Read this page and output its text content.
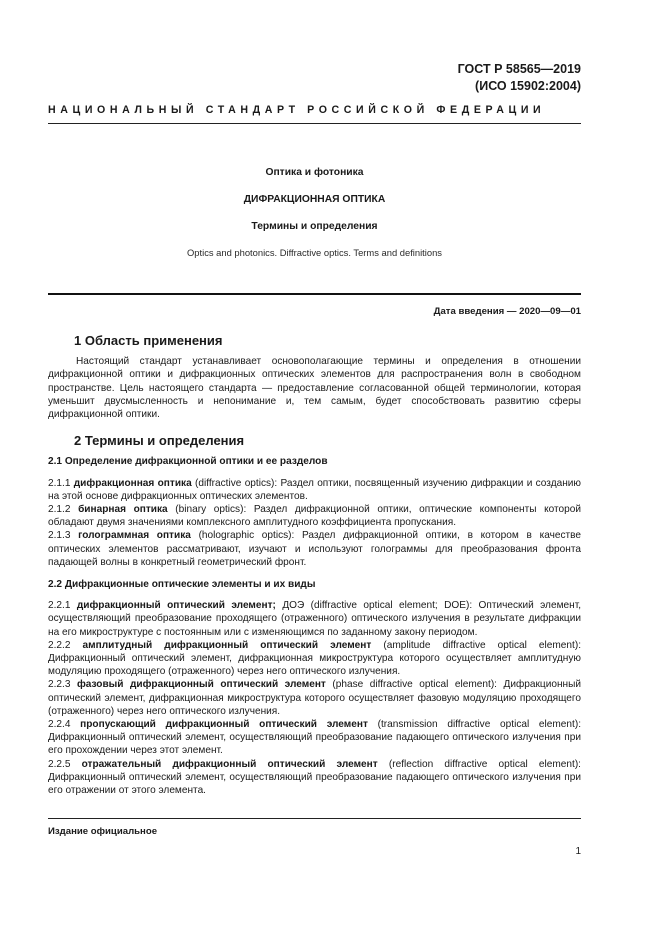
ГОСТ Р 58565—2019
(ИСО 15902:2004)
НАЦИОНАЛЬНЫЙ СТАНДАРТ РОССИЙСКОЙ ФЕДЕРАЦИИ
Оптика и фотоника
ДИФРАКЦИОННАЯ ОПТИКА
Термины и определения
Optics and photonics. Diffractive optics. Terms and definitions
Дата введения — 2020—09—01
1 Область применения

Настоящий стандарт устанавливает основополагающие термины и определения в отношении дифракционной оптики и дифракционных оптических элементов для распространения волн в свободном пространстве. Цель настоящего стандарта — предоставление согласованной общей терминологии, которая уменьшит двусмысленность и непонимание и, тем самым, будет способствовать развитию сферы дифракционной оптики.

2 Термины и определения
2.1 Определение дифракционной оптики и ее разделов

2.1.1 дифракционная оптика (diffractive optics): Раздел оптики, посвященный изучению дифракции и созданию на этой основе дифракционных оптических элементов.

2.1.2 бинарная оптика (binary optics): Раздел дифракционной оптики, оптические компоненты которой обладают двумя значениями комплексного амплитудного коэффициента пропускания.

2.1.3 голограммная оптика (holographic optics): Раздел дифракционной оптики, в котором в качестве оптических элементов рассматривают, изучают и используют голограммы для преобразования фронта падающей волны в конкретный геометрический фронт.

2.2 Дифракционные оптические элементы и их виды

2.2.1 дифракционный оптический элемент; ДОЭ (diffractive optical element; DOE): Оптический элемент, осуществляющий преобразование проходящего (отраженного) оптического излучения в результате дифракции на его микроструктуре с постоянным или с изменяющимся по заданному закону периодом.

2.2.2 амплитудный дифракционный оптический элемент (amplitude diffractive optical element): Дифракционный оптический элемент, дифракционная микроструктура которого осуществляет амплитудную модуляцию проходящего (отраженного) через него оптического излучения.

2.2.3 фазовый дифракционный оптический элемент (phase diffractive optical element): Дифракционный оптический элемент, дифракционная микроструктура которого осуществляет фазовую модуляцию проходящего (отраженного) через него оптического излучения.

2.2.4 пропускающий дифракционный оптический элемент (transmission diffractive optical element): Дифракционный оптический элемент, осуществляющий преобразование падающего оптического излучения при его прохождении через этот элемент.

2.2.5 отражательный дифракционный оптический элемент (reflection diffractive optical element): Дифракционный оптический элемент, осуществляющий преобразование падающего оптического излучения при его отражении от этого элемента.

Издание официальное
1
